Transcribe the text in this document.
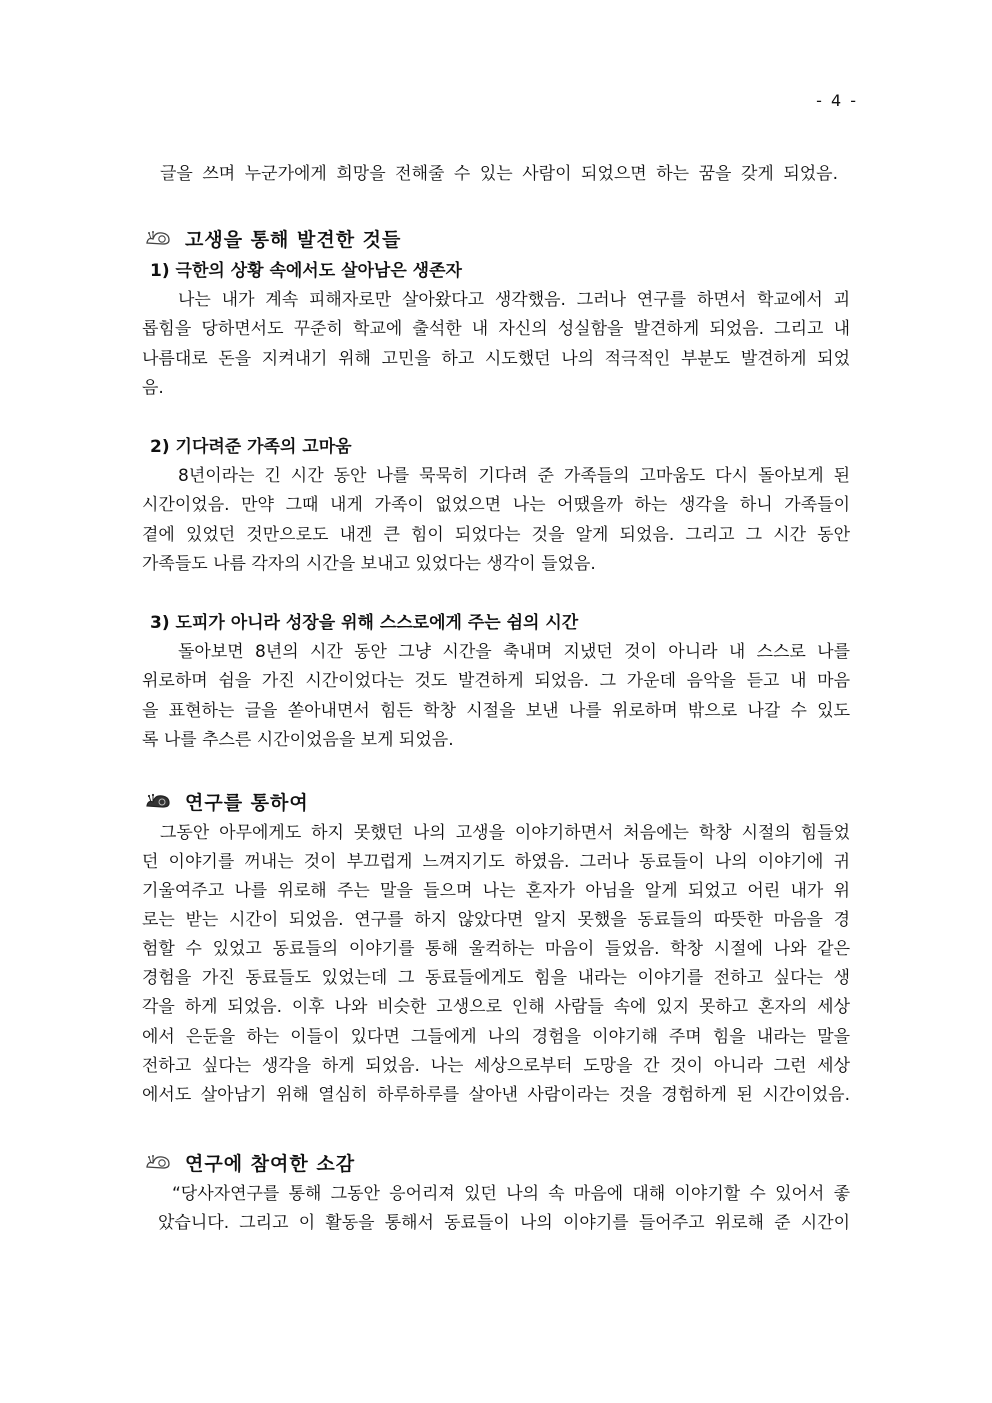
- 4 -
글을 쓰며 누군가에게 희망을 전해줄 수 있는 사람이 되었으면 하는 꿈을 갖게 되었음.
고생을 통해 발견한 것들
1) 극한의 상황 속에서도 살아남은 생존자
나는 내가 계속 피해자로만 살아왔다고 생각했음. 그러나 연구를 하면서 학교에서 괴
롭힘을 당하면서도 꾸준히 학교에 출석한 내 자신의 성실함을 발견하게 되었음. 그리고 내
나름대로 돈을 지켜내기 위해 고민을 하고 시도했던 나의 적극적인 부분도 발견하게 되었
음.
2) 기다려준 가족의 고마움
8년이라는 긴 시간 동안 나를 묵묵히 기다려 준 가족들의 고마움도 다시 돌아보게 된
시간이었음. 만약 그때 내게 가족이 없었으면 나는 어땠을까 하는 생각을 하니 가족들이
곁에 있었던 것만으로도 내겐 큰 힘이 되었다는 것을 알게 되었음. 그리고 그 시간 동안
가족들도 나름 각자의 시간을 보내고 있었다는 생각이 들었음.
3) 도피가 아니라 성장을 위해 스스로에게 주는 쉼의 시간
돌아보면 8년의 시간 동안 그냥 시간을 축내며 지냈던 것이 아니라 내 스스로 나를
위로하며 쉼을 가진 시간이었다는 것도 발견하게 되었음. 그 가운데 음악을 듣고 내 마음
을 표현하는 글을 쏟아내면서 힘든 학창 시절을 보낸 나를 위로하며 밖으로 나갈 수 있도
록 나를 추스른 시간이었음을 보게 되었음.
연구를 통하여
그동안 아무에게도 하지 못했던 나의 고생을 이야기하면서 처음에는 학창 시절의 힘들었
던 이야기를 꺼내는 것이 부끄럽게 느껴지기도 하였음. 그러나 동료들이 나의 이야기에 귀
기울여주고 나를 위로해 주는 말을 들으며 나는 혼자가 아님을 알게 되었고 어린 내가 위
로는 받는 시간이 되었음. 연구를 하지 않았다면 알지 못했을 동료들의 따뜻한 마음을 경
험할 수 있었고 동료들의 이야기를 통해 울컥하는 마음이 들었음. 학창 시절에 나와 같은
경험을 가진 동료들도 있었는데 그 동료들에게도 힘을 내라는 이야기를 전하고 싶다는 생
각을 하게 되었음. 이후 나와 비슷한 고생으로 인해 사람들 속에 있지 못하고 혼자의 세상
에서 은둔을 하는 이들이 있다면 그들에게 나의 경험을 이야기해 주며 힘을 내라는 말을
전하고 싶다는 생각을 하게 되었음. 나는 세상으로부터 도망을 간 것이 아니라 그런 세상
에서도 살아남기 위해 열심히 하루하루를 살아낸 사람이라는 것을 경험하게 된 시간이었음.
연구에 참여한 소감
“당사자연구를 통해 그동안 응어리져 있던 나의 속 마음에 대해 이야기할 수 있어서 좋
았습니다. 그리고 이 활동을 통해서 동료들이 나의 이야기를 들어주고 위로해 준 시간이
